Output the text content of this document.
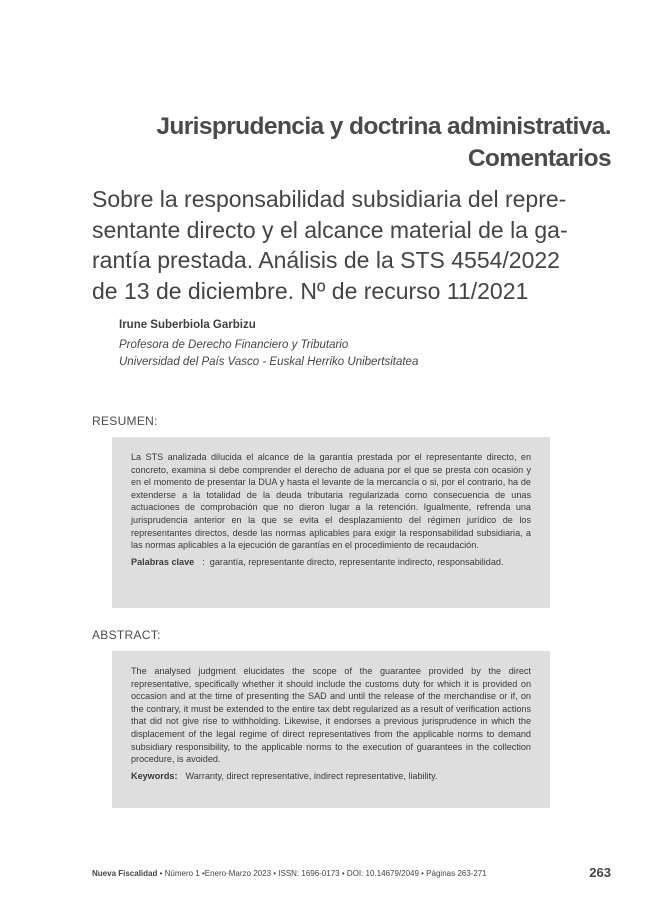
Jurisprudencia y doctrina administrativa.
Comentarios
Sobre la responsabilidad subsidiaria del repre-sentante directo y el alcance material de la ga-rantía prestada. Análisis de la STS 4554/2022 de 13 de diciembre. Nº de recurso 11/2021
Irune Suberbiola Garbizu
Profesora de Derecho Financiero y Tributario
Universidad del País Vasco - Euskal Herriko Unibertsitatea
RESUMEN:

La STS analizada dilucida el alcance de la garantía prestada por el representante directo, en concreto, examina si debe comprender el derecho de aduana por el que se presta con ocasión y en el momento de presentar la DUA y hasta el levante de la mercancía o si, por el contrario, ha de extenderse a la totalidad de la deuda tributaria regularizada como consecuencia de unas actuaciones de comprobación que no dieron lugar a la retención. Igualmente, refrenda una jurisprudencia anterior en la que se evita el desplazamiento del régimen jurídico de los representantes directos, desde las normas aplicables para exigir la responsabilidad subsidiaria, a las normas aplicables a la ejecución de garantías en el procedimiento de recaudación.

Palabras clave :  garantía, representante directo, representante indirecto, responsabilidad.
ABSTRACT:

The analysed judgment elucidates the scope of the guarantee provided by the direct representative, specifically whether it should include the customs duty for which it is provided on occasion and at the time of presenting the SAD and until the release of the merchandise or if, on the contrary, it must be extended to the entire tax debt regularized as a result of verification actions that did not give rise to withholding. Likewise, it endorses a previous jurisprudence in which the displacement of the legal regime of direct representatives from the applicable norms to demand subsidiary responsibility, to the applicable norms to the execution of guarantees in the collection procedure, is avoided.

Keywords: Warranty, direct representative, indirect representative, liability.
Nueva Fiscalidad • Número 1 •Enero-Marzo 2023 • ISSN: 1696-0173 • DOI: 10.14679/2049 • Páginas 263-271	263
